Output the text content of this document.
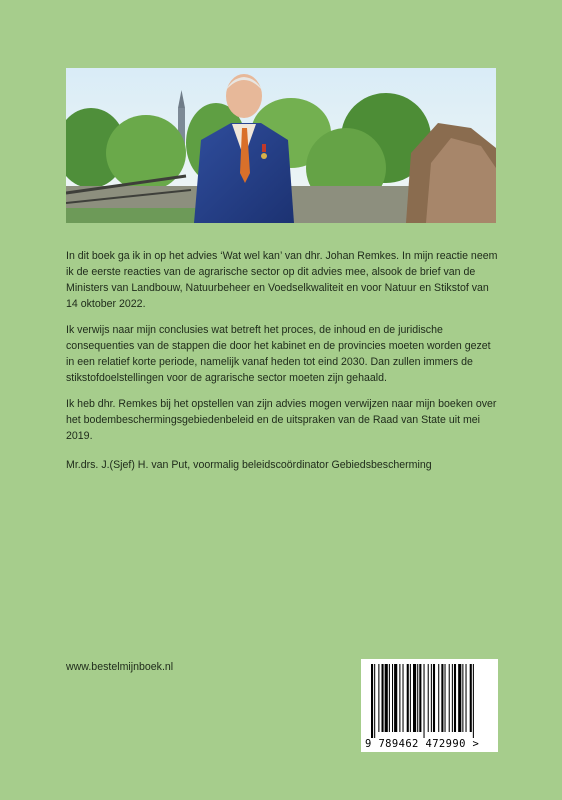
In dit boek ga ik in op het advies ‘Wat wel kan’ van dhr. Johan Remkes. In mijn reactie neem ik de eerste reacties van de agrarische sector op dit advies mee, alsook de brief van de Ministers van Landbouw, Natuurbeheer en Voedselkwaliteit en voor Natuur en Stikstof van 14 oktober 2022.

Ik verwijs naar mijn conclusies wat betreft het proces, de inhoud en de juridische consequenties van de stappen die door het kabinet en de provincies moeten worden gezet in een relatief korte periode, namelijk vanaf heden tot eind 2030. Dan zullen immers de stikstofdoelstellingen voor de agrarische sector moeten zijn gehaald.

Ik heb dhr. Remkes bij het opstellen van zijn advies mogen verwijzen naar mijn boeken over het bodembeschermingsgebiedenbeleid en de uitspraken van de Raad van State uit mei 2019.

Mr.drs. J.(Sjef) H. van Put, voormalig beleidscoördinator Gebiedsbescherming
www.bestelmijnboek.nl
9 789462 472990 >
